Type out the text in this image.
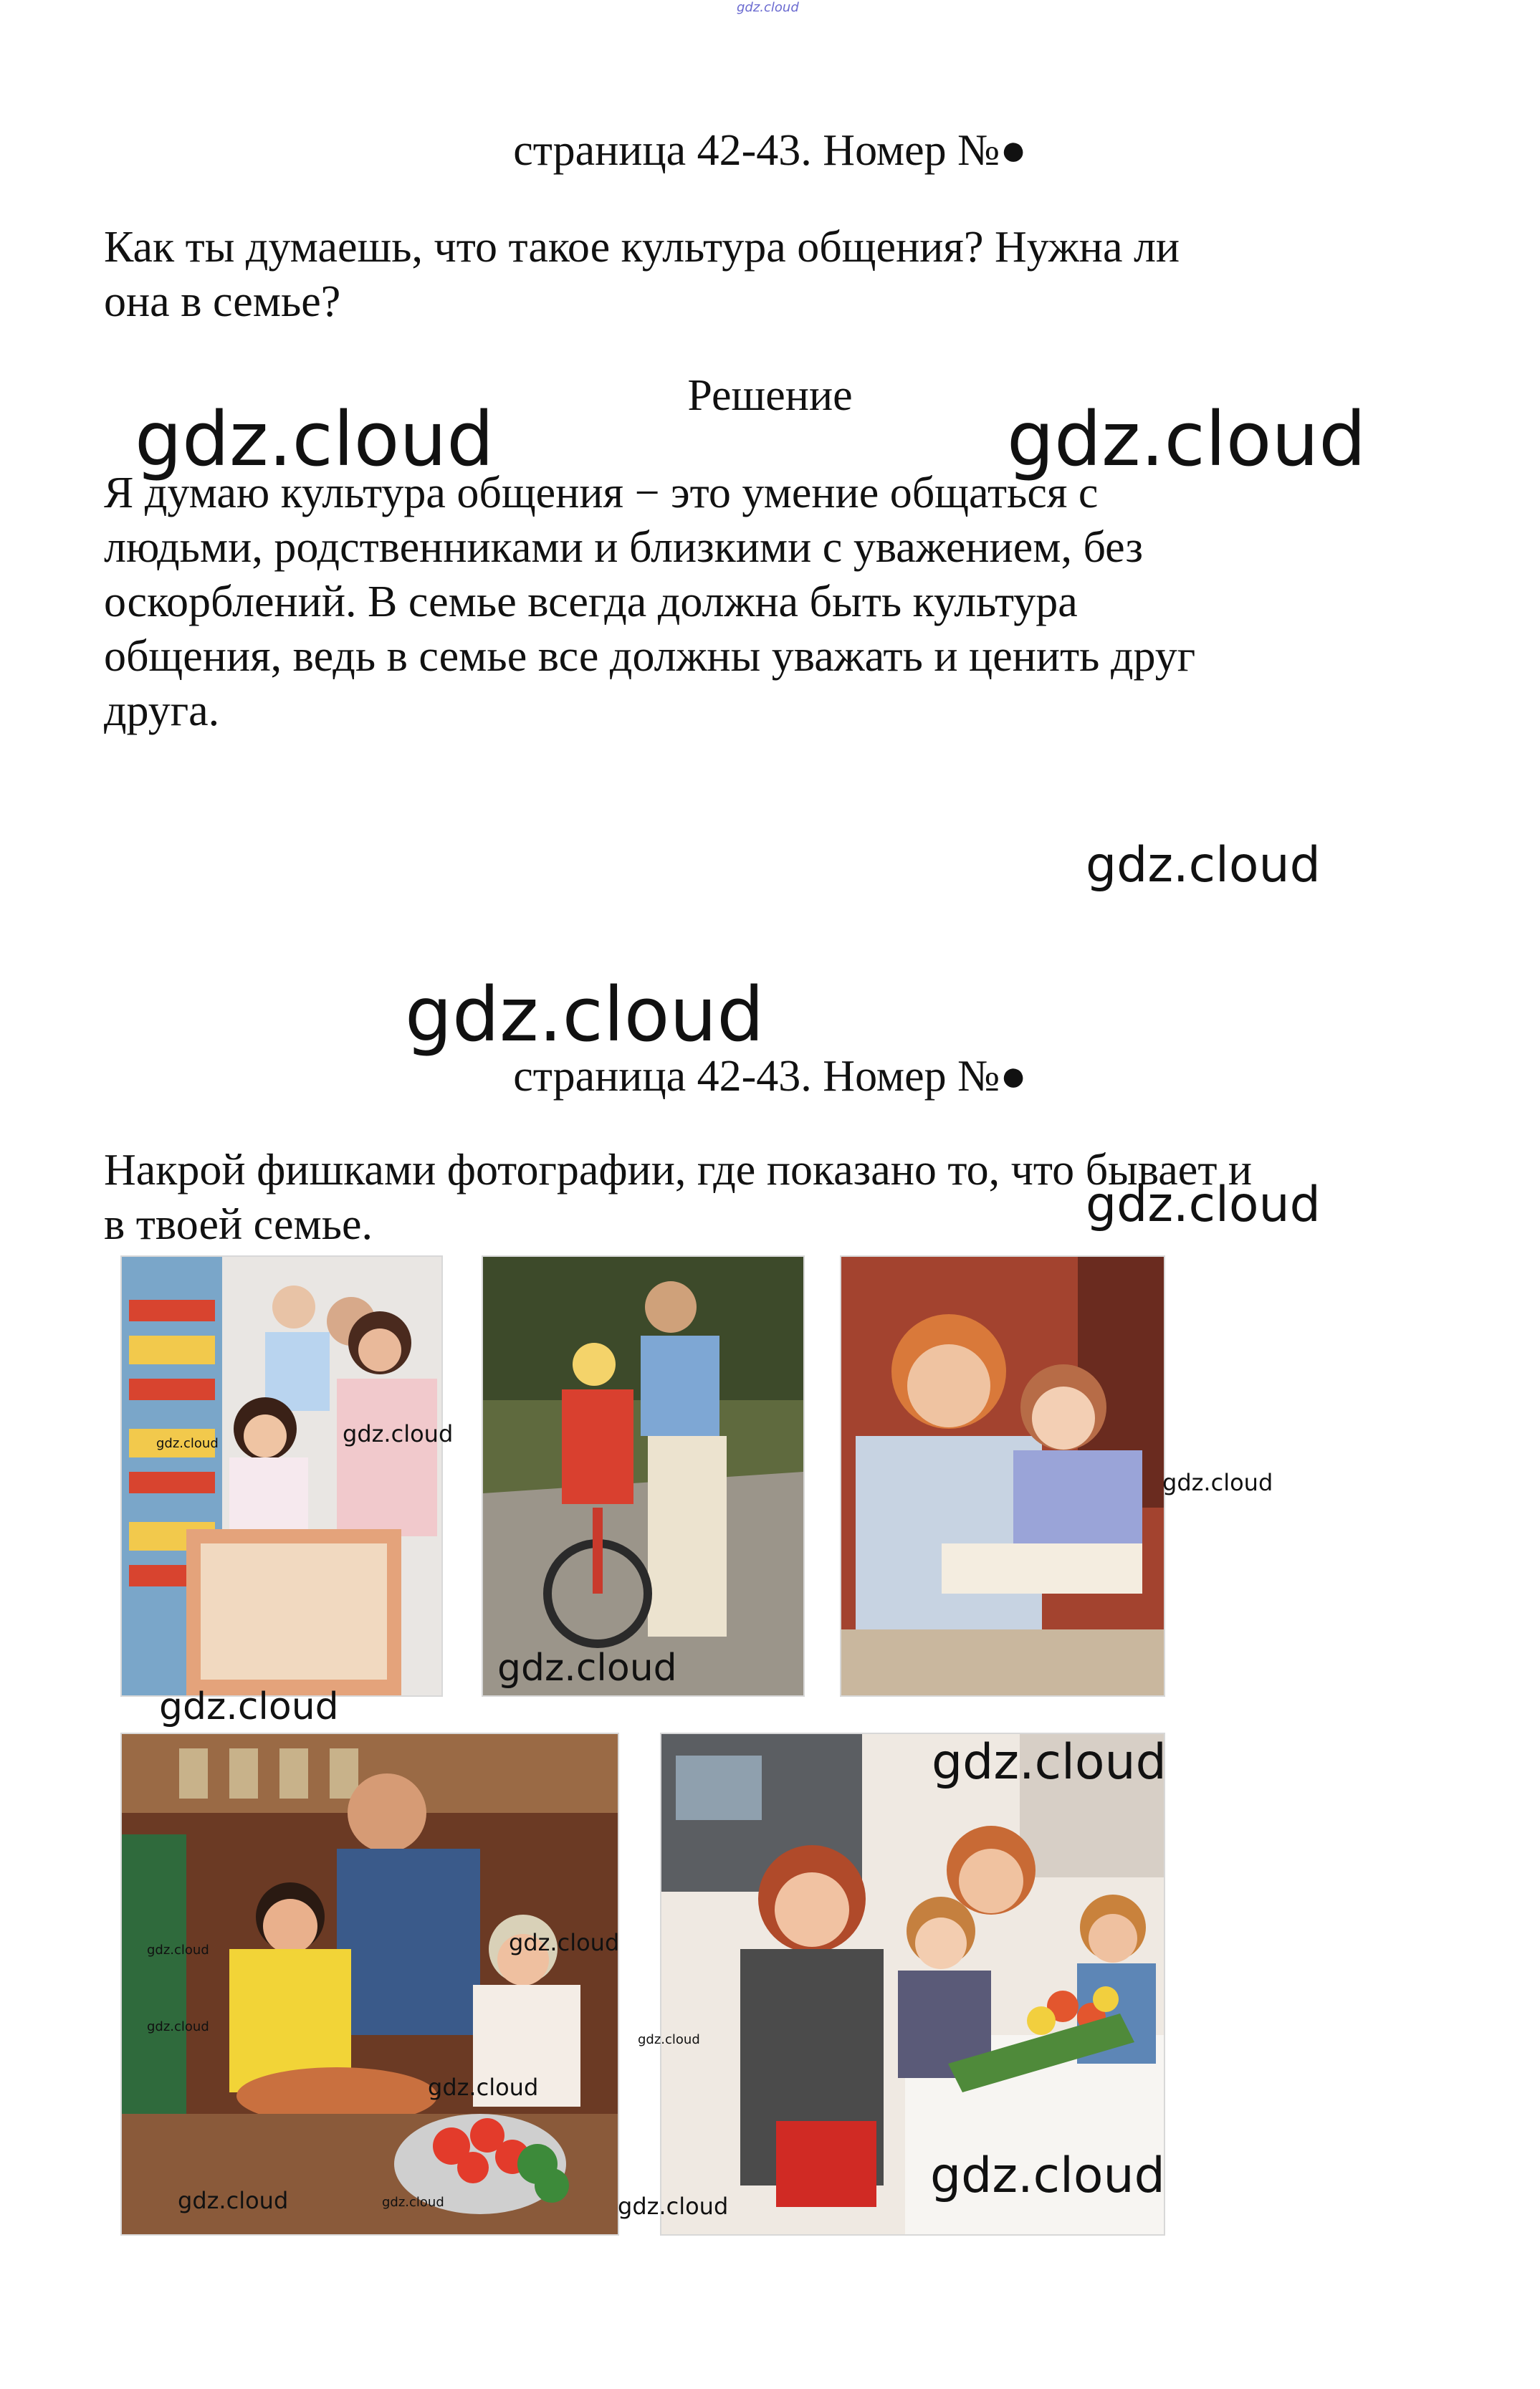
gdz.cloud
страница 42-43. Номер №●
Как ты думаешь, что такое культура общения? Нужна ли
она в семье?
Решение
Я думаю культура общения − это умение общаться с
людьми, родственниками и близкими с уважением, без
оскорблений. В семье всегда должна быть культура
общения, ведь в семье все должны уважать и ценить друг
друга.
страница 42-43. Номер №●
Накрой фишками фотографии, где показано то, что бывает и
в твоей семье.
gdz.cloud	gdz.cloud
gdz.cloud
gdz.cloud
gdz.cloud
gdz.cloud	gdz.cloud
gdz.cloud
gdz.cloud
gdz.cloud
gdz.cloud
gdz.cloud	gdz.cloud
gdz.cloud
gdz.cloud
gdz.cloud
gdz.cloud
gdz.cloud	gdz.cloud	gdz.cloud
